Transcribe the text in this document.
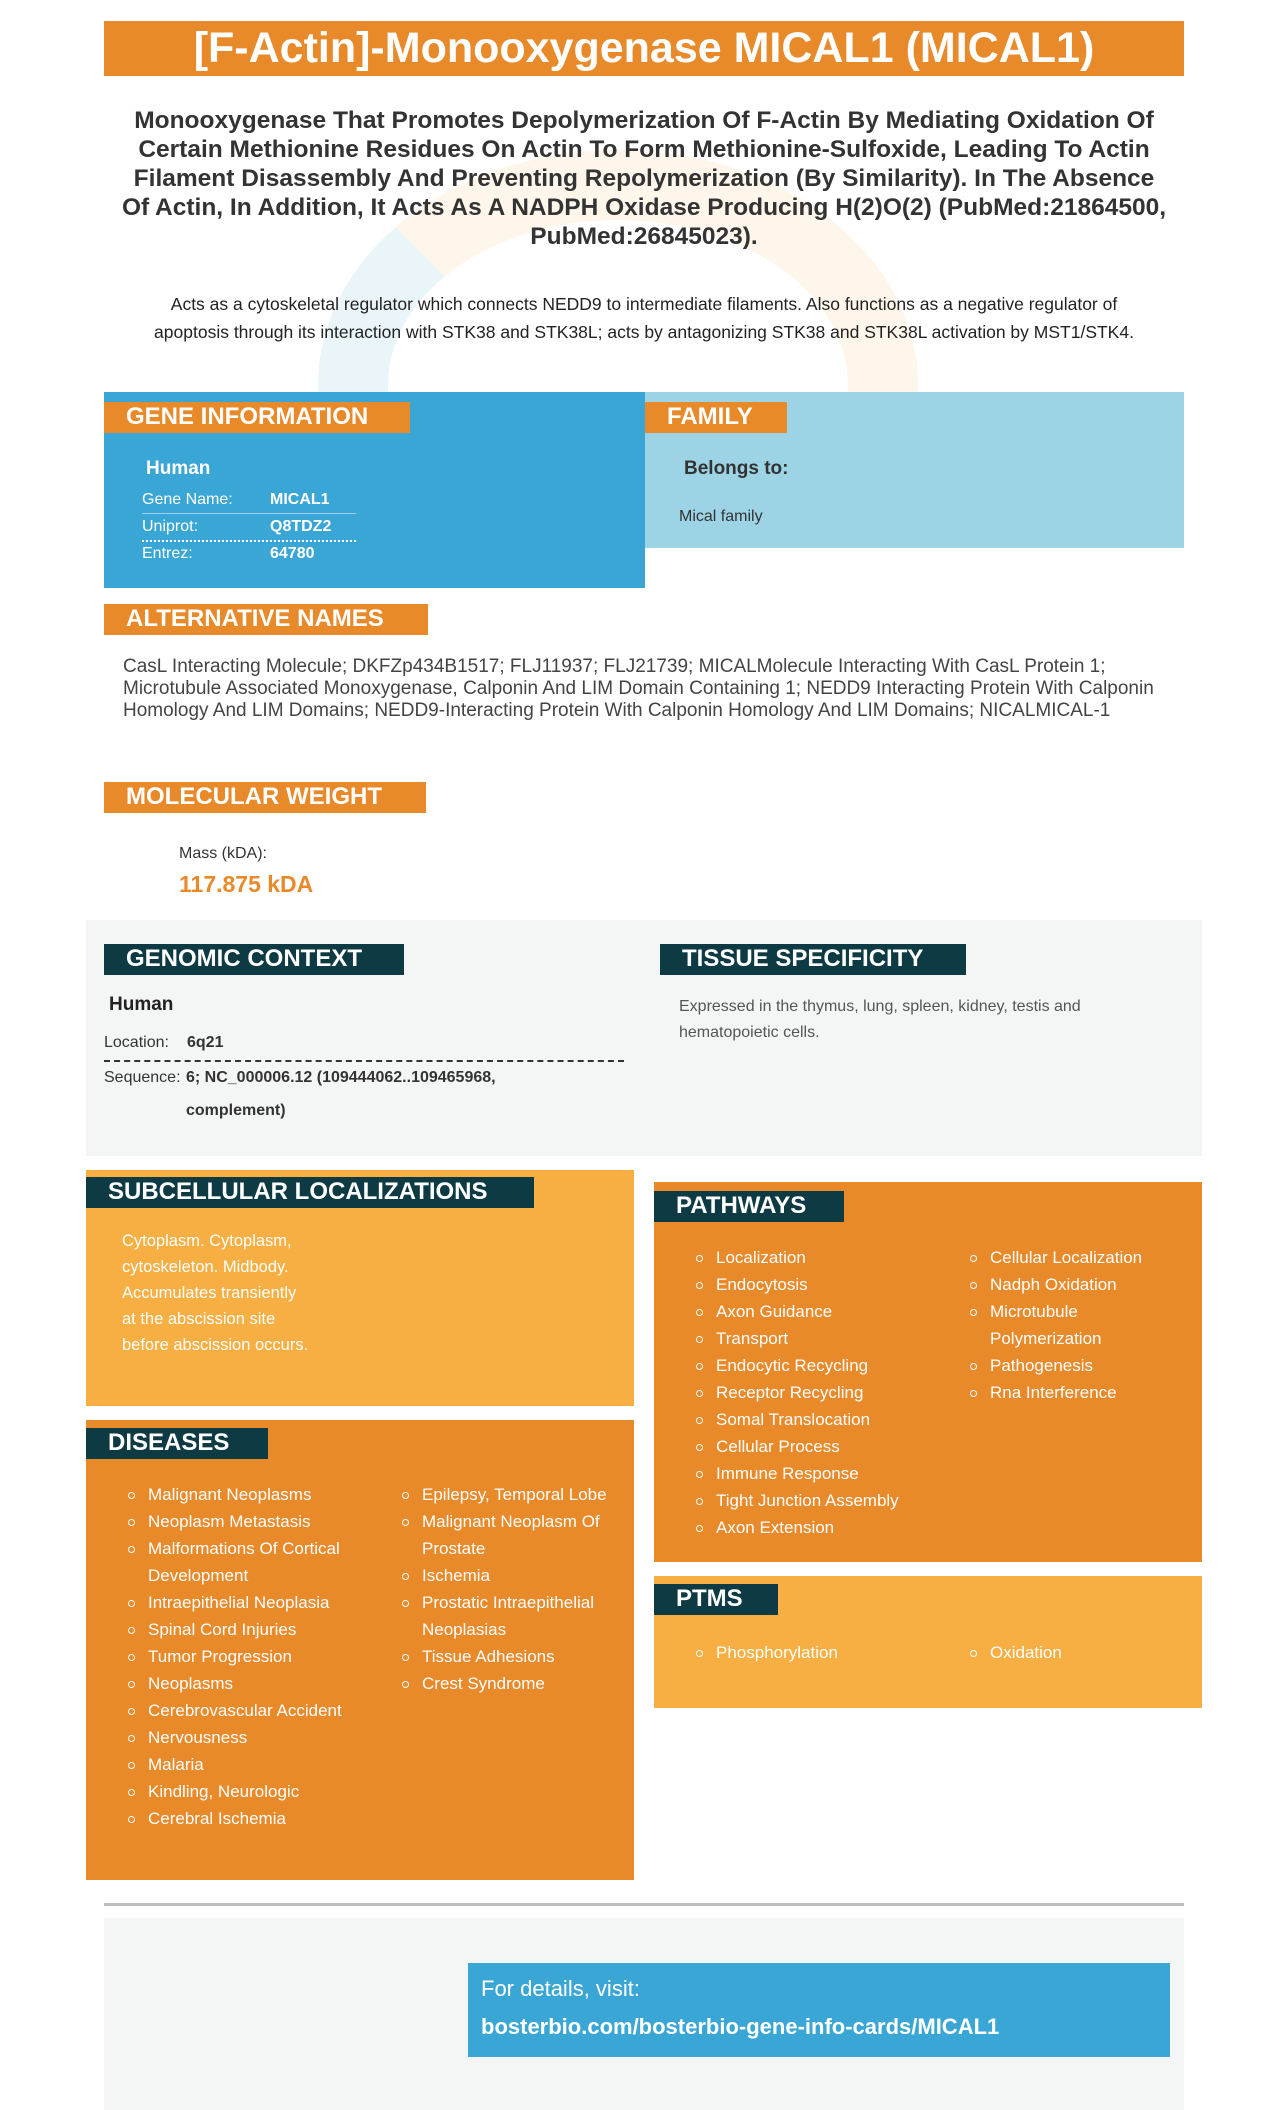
[F-Actin]-Monooxygenase MICAL1 (MICAL1)
Monooxygenase That Promotes Depolymerization Of F-Actin By Mediating Oxidation Of Certain Methionine Residues On Actin To Form Methionine-Sulfoxide, Leading To Actin Filament Disassembly And Preventing Repolymerization (By Similarity). In The Absence Of Actin, In Addition, It Acts As A NADPH Oxidase Producing H(2)O(2) (PubMed:21864500, PubMed:26845023).
Acts as a cytoskeletal regulator which connects NEDD9 to intermediate filaments. Also functions as a negative regulator of apoptosis through its interaction with STK38 and STK38L; acts by antagonizing STK38 and STK38L activation by MST1/STK4.
GENE INFORMATION
Human
Gene Name: MICAL1
Uniprot:	Q8TDZ2
Entrez:	64780
FAMILY
Belongs to:
Mical family
ALTERNATIVE NAMES
CasL Interacting Molecule; DKFZp434B1517; FLJ11937; FLJ21739; MICALMolecule Interacting With CasL Protein 1; Microtubule Associated Monoxygenase, Calponin And LIM Domain Containing 1; NEDD9 Interacting Protein With Calponin Homology And LIM Domains; NEDD9-Interacting Protein With Calponin Homology And LIM Domains; NICALMICAL-1
MOLECULAR WEIGHT
Mass (kDA):
117.875 kDA
GENOMIC CONTEXT
Human
Location: 6q21
Sequence: 6; NC_000006.12 (109444062..109465968,
complement)
TISSUE SPECIFICITY
Expressed in the thymus, lung, spleen, kidney, testis and hematopoietic cells.
SUBCELLULAR LOCALIZATIONS
Cytoplasm. Cytoplasm,
cytoskeleton. Midbody.
Accumulates transiently
at the abscission site
before abscission occurs.
DISEASES
Malignant Neoplasms
Neoplasm Metastasis
Malformations Of Cortical Development
Intraepithelial Neoplasia
Spinal Cord Injuries
Tumor Progression
Neoplasms
Cerebrovascular Accident
Nervousness
Malaria
Kindling, Neurologic
Cerebral Ischemia
Epilepsy, Temporal Lobe
Malignant Neoplasm Of Prostate
Ischemia
Prostatic Intraepithelial Neoplasias
Tissue Adhesions
Crest Syndrome
PATHWAYS
Localization
Endocytosis
Axon Guidance
Transport
Endocytic Recycling
Receptor Recycling
Somal Translocation
Cellular Process
Immune Response
Tight Junction Assembly
Axon Extension
Cellular Localization
Nadph Oxidation
Microtubule Polymerization
Pathogenesis
Rna Interference
PTMS
Phosphorylation	Oxidation
For details, visit:
bosterbio.com/bosterbio-gene-info-cards/MICAL1
